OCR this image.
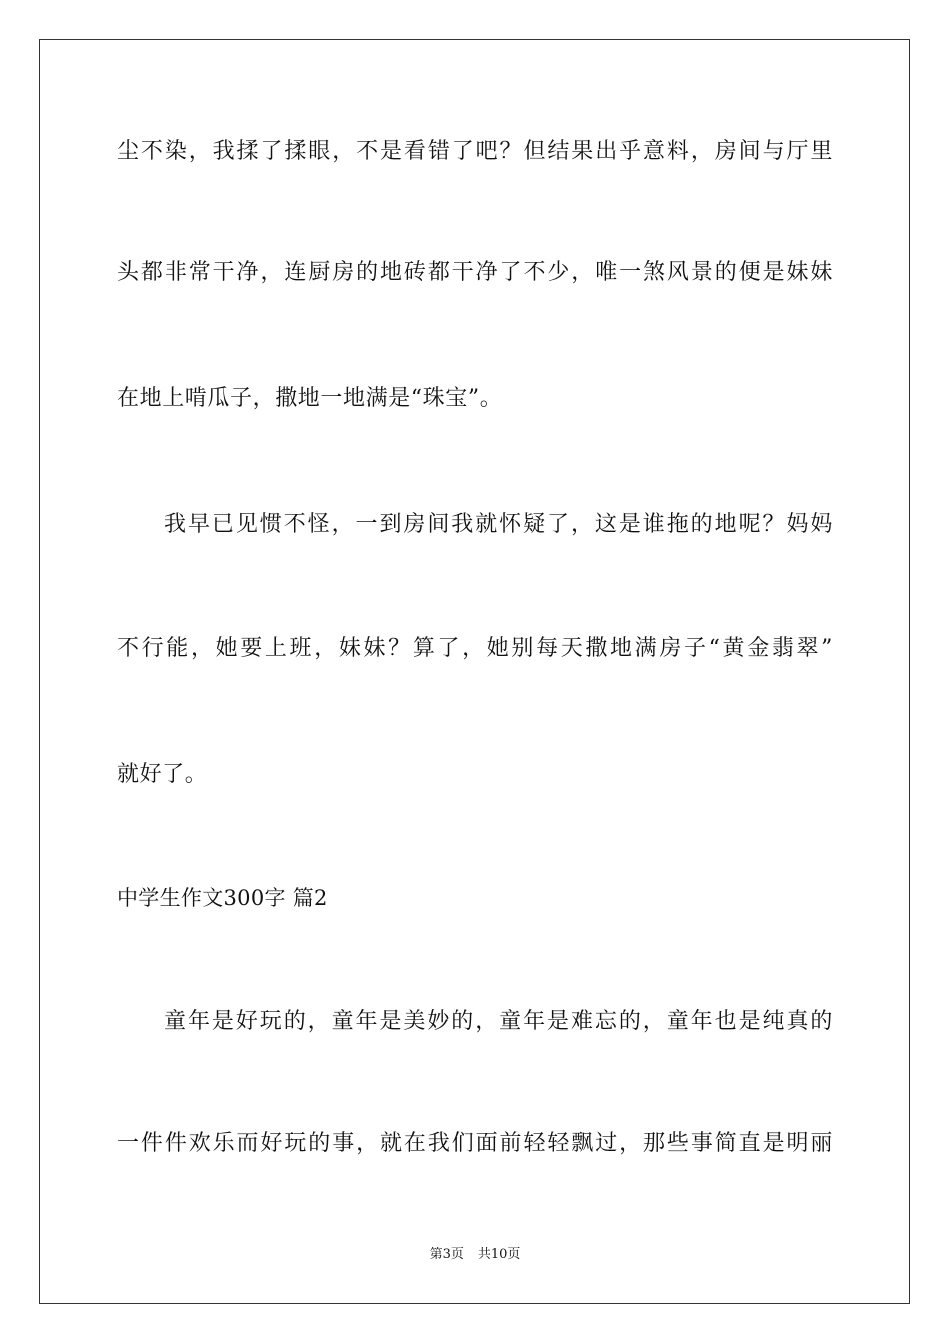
尘不染，我揉了揉眼，不是看错了吧？但结果出乎意料，房间与厅里
头都非常干净，连厨房的地砖都干净了不少，唯一煞风景的便是妹妹
在地上啃瓜子，撒地一地满是“珠宝”。
我早已见惯不怪，一到房间我就怀疑了，这是谁拖的地呢？妈妈
不行能，她要上班，妹妹？算了，她别每天撒地满房子“黄金翡翠”
就好了。
中学生作文300字 篇2
童年是好玩的，童年是美妙的，童年是难忘的，童年也是纯真的
一件件欢乐而好玩的事，就在我们面前轻轻飘过，那些事简直是明丽
第3页 共10页
